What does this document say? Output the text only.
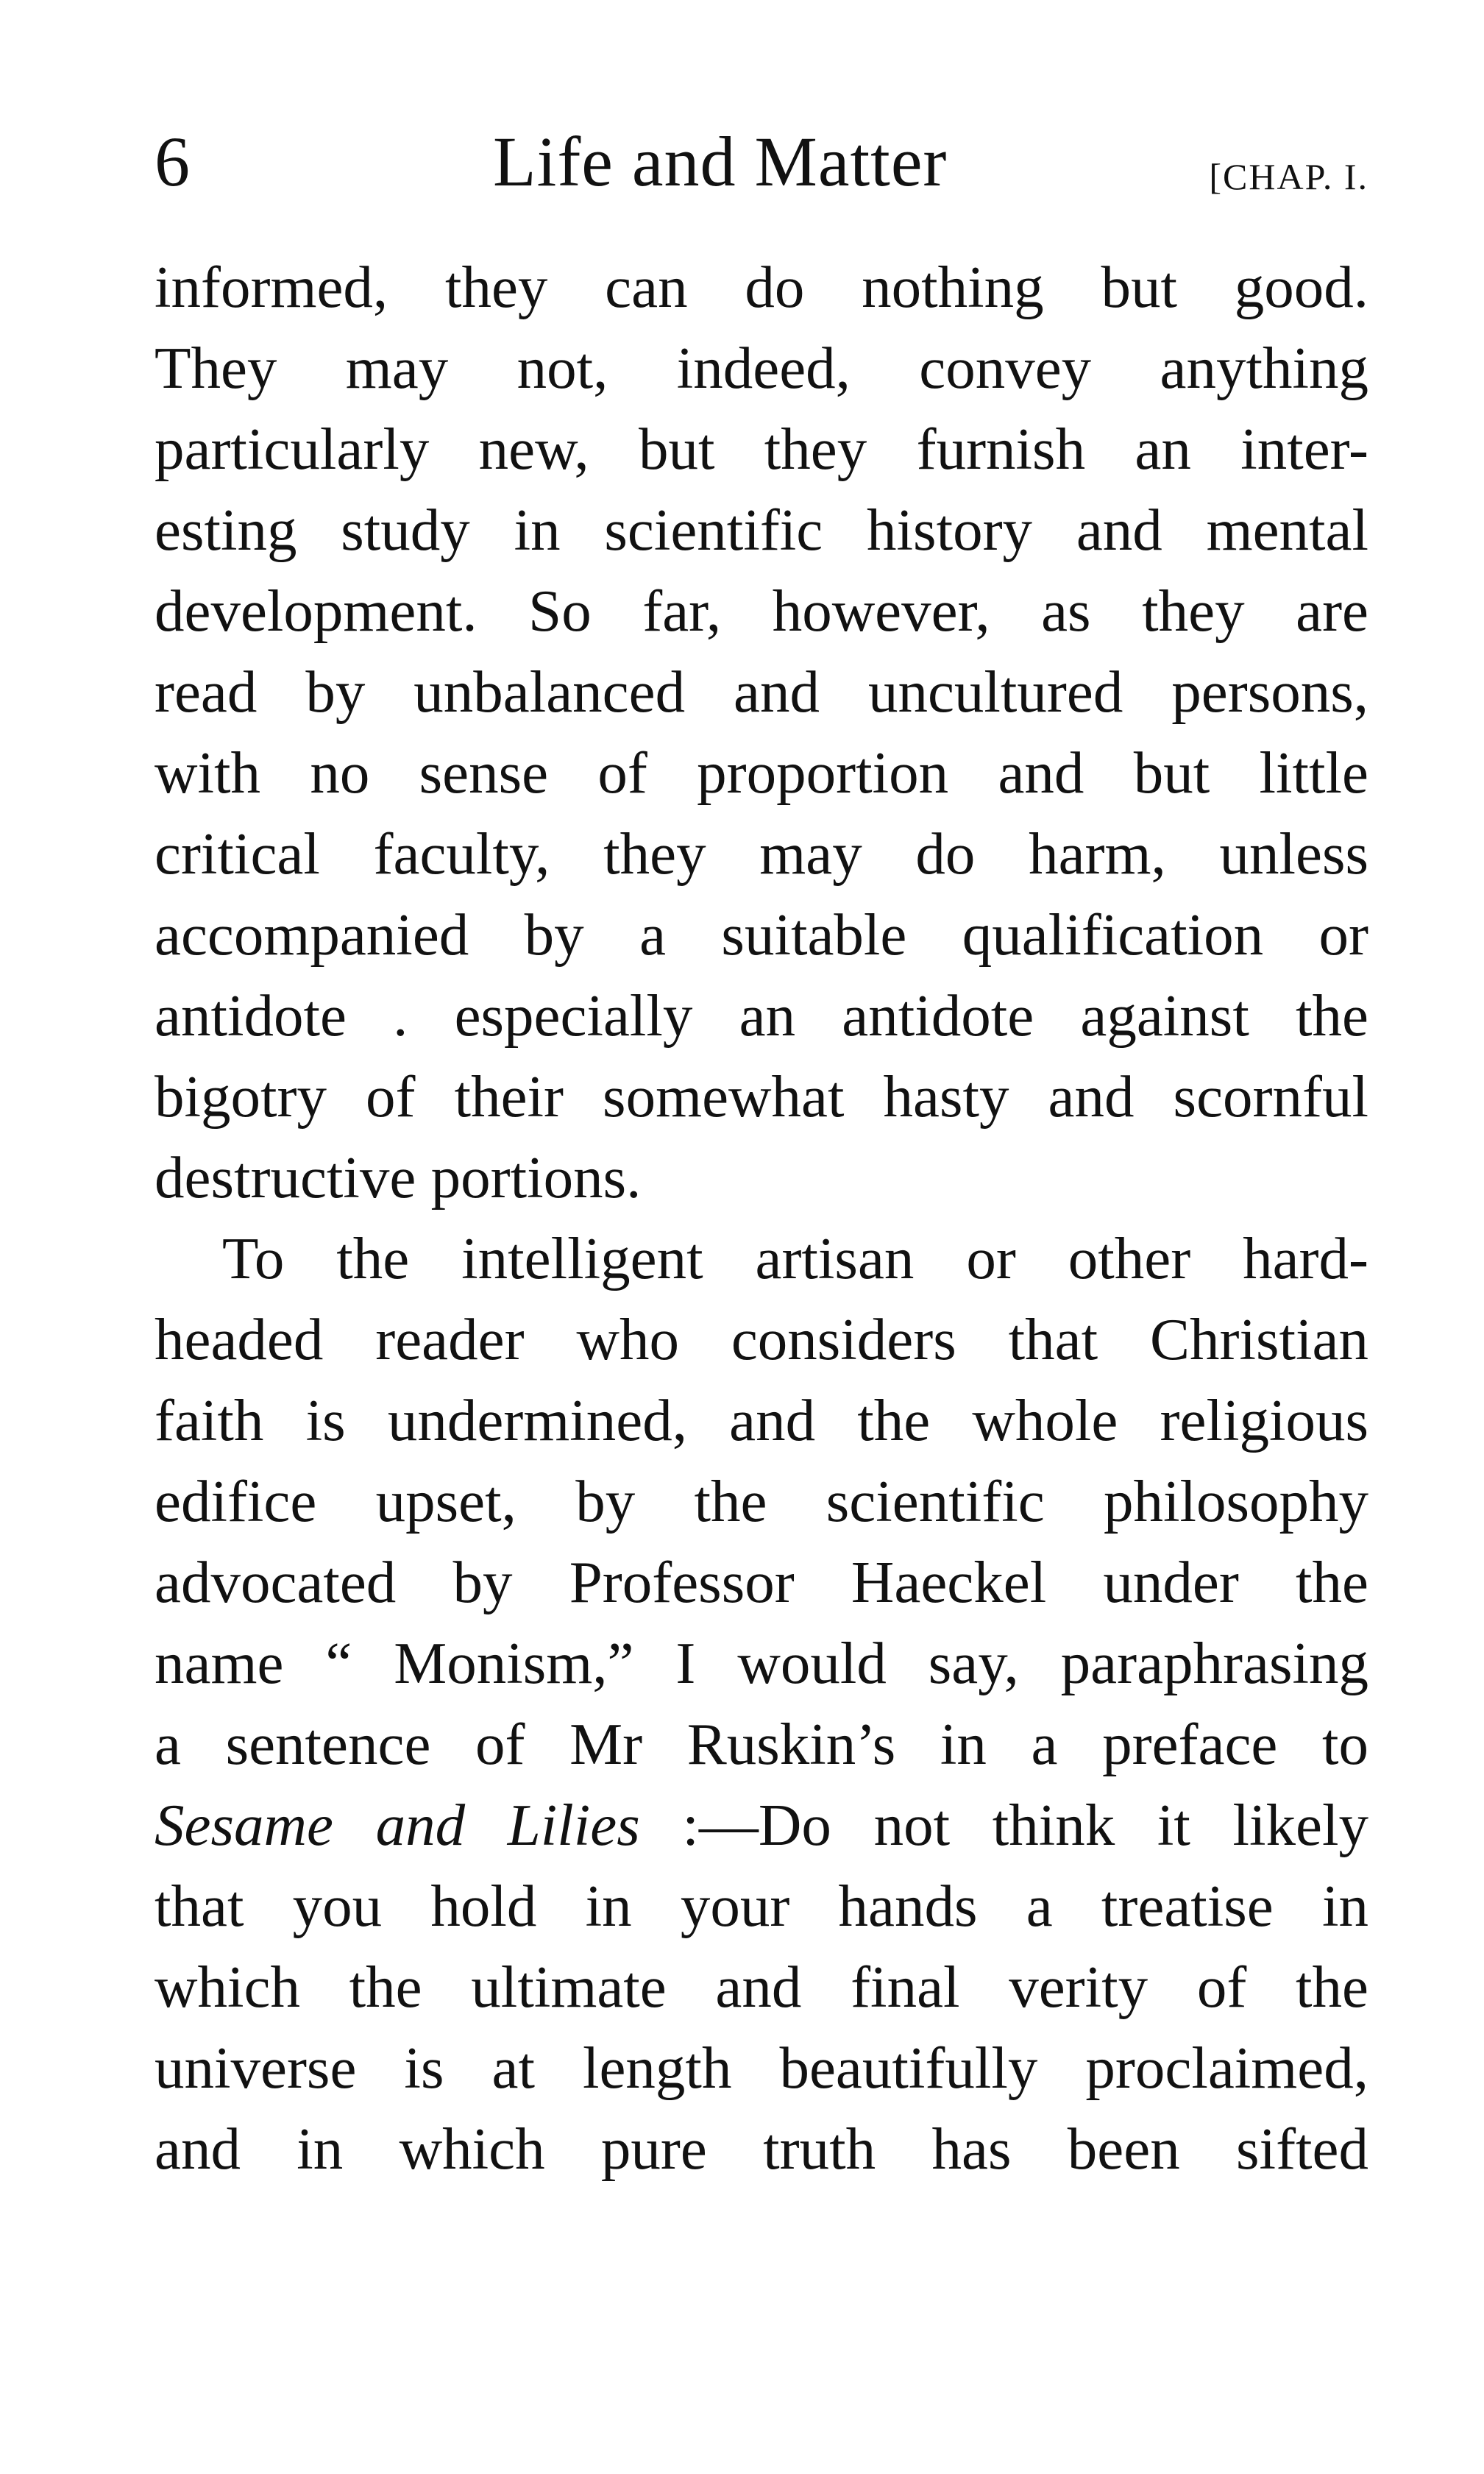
6	Life and Matter	[CHAP. I.
informed, they can do nothing but good.
They may not, indeed, convey anything
particularly new, but they furnish an inter-
esting study in scientific history and mental
development. So far, however, as they are
read by unbalanced and uncultured persons,
with no sense of proportion and but little
critical faculty, they may do harm, unless
accompanied by a suitable qualification or
antidote . especially an antidote against the
bigotry of their somewhat hasty and scornful
destructive portions.
To the intelligent artisan or other hard-
headed reader who considers that Christian
faith is undermined, and the whole religious
edifice upset, by the scientific philosophy
advocated by Professor Haeckel under the
name “ Monism,” I would say, paraphrasing
a sentence of Mr Ruskin’s in a preface to
Sesame and Lilies :—Do not think it likely
that you hold in your hands a treatise in
which the ultimate and final verity of the
universe is at length beautifully proclaimed,
and in which pure truth has been sifted
